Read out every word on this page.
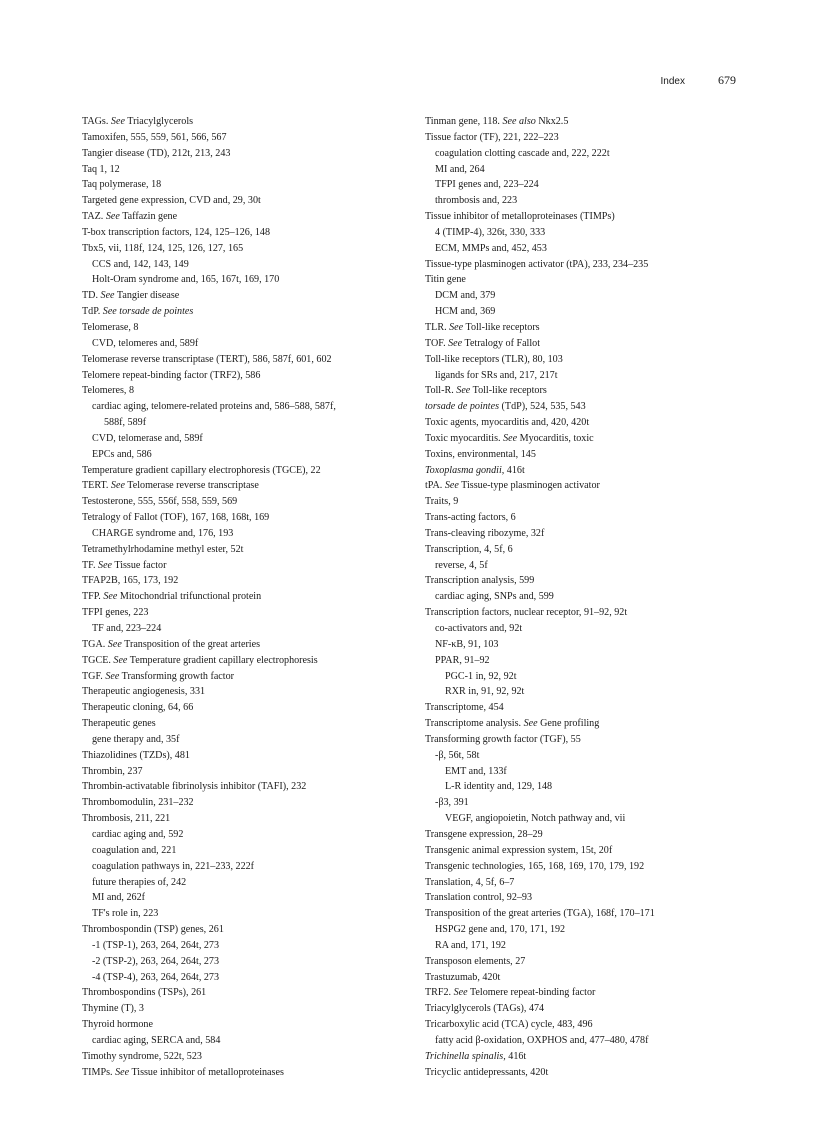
Index	679
TAGs. See Triacylglycerols
Tamoxifen, 555, 559, 561, 566, 567
Tangier disease (TD), 212t, 213, 243
Taq 1, 12
Taq polymerase, 18
Targeted gene expression, CVD and, 29, 30t
TAZ. See Taffazin gene
T-box transcription factors, 124, 125–126, 148
Tbx5, vii, 118f, 124, 125, 126, 127, 165
CCS and, 142, 143, 149
Holt-Oram syndrome and, 165, 167t, 169, 170
TD. See Tangier disease
TdP. See torsade de pointes
Telomerase, 8
CVD, telomeres and, 589f
Telomerase reverse transcriptase (TERT), 586, 587f, 601, 602
Telomere repeat-binding factor (TRF2), 586
Telomeres, 8
cardiac aging, telomere-related proteins and, 586–588, 587f,
588f, 589f
CVD, telomerase and, 589f
EPCs and, 586
Temperature gradient capillary electrophoresis (TGCE), 22
TERT. See Telomerase reverse transcriptase
Testosterone, 555, 556f, 558, 559, 569
Tetralogy of Fallot (TOF), 167, 168, 168t, 169
CHARGE syndrome and, 176, 193
Tetramethylrhodamine methyl ester, 52t
TF. See Tissue factor
TFAP2B, 165, 173, 192
TFP. See Mitochondrial trifunctional protein
TFPI genes, 223
TF and, 223–224
TGA. See Transposition of the great arteries
TGCE. See Temperature gradient capillary electrophoresis
TGF. See Transforming growth factor
Therapeutic angiogenesis, 331
Therapeutic cloning, 64, 66
Therapeutic genes
gene therapy and, 35f
Thiazolidines (TZDs), 481
Thrombin, 237
Thrombin-activatable fibrinolysis inhibitor (TAFI), 232
Thrombomodulin, 231–232
Thrombosis, 211, 221
cardiac aging and, 592
coagulation and, 221
coagulation pathways in, 221–233, 222f
future therapies of, 242
MI and, 262f
TF's role in, 223
Thrombospondin (TSP) genes, 261
-1 (TSP-1), 263, 264, 264t, 273
-2 (TSP-2), 263, 264, 264t, 273
-4 (TSP-4), 263, 264, 264t, 273
Thrombospondins (TSPs), 261
Thymine (T), 3
Thyroid hormone
cardiac aging, SERCA and, 584
Timothy syndrome, 522t, 523
TIMPs. See Tissue inhibitor of metalloproteinases
Tinman gene, 118. See also Nkx2.5
Tissue factor (TF), 221, 222–223
coagulation clotting cascade and, 222, 222t
MI and, 264
TFPI genes and, 223–224
thrombosis and, 223
Tissue inhibitor of metalloproteinases (TIMPs)
4 (TIMP-4), 326t, 330, 333
ECM, MMPs and, 452, 453
Tissue-type plasminogen activator (tPA), 233, 234–235
Titin gene
DCM and, 379
HCM and, 369
TLR. See Toll-like receptors
TOF. See Tetralogy of Fallot
Toll-like receptors (TLR), 80, 103
ligands for SRs and, 217, 217t
Toll-R. See Toll-like receptors
torsade de pointes (TdP), 524, 535, 543
Toxic agents, myocarditis and, 420, 420t
Toxic myocarditis. See Myocarditis, toxic
Toxins, environmental, 145
Toxoplasma gondii, 416t
tPA. See Tissue-type plasminogen activator
Traits, 9
Trans-acting factors, 6
Trans-cleaving ribozyme, 32f
Transcription, 4, 5f, 6
reverse, 4, 5f
Transcription analysis, 599
cardiac aging, SNPs and, 599
Transcription factors, nuclear receptor, 91–92, 92t
co-activators and, 92t
NF-κB, 91, 103
PPAR, 91–92
PGC-1 in, 92, 92t
RXR in, 91, 92, 92t
Transcriptome, 454
Transcriptome analysis. See Gene profiling
Transforming growth factor (TGF), 55
-β, 56t, 58t
EMT and, 133f
L-R identity and, 129, 148
-β3, 391
VEGF, angiopoietin, Notch pathway and, vii
Transgene expression, 28–29
Transgenic animal expression system, 15t, 20f
Transgenic technologies, 165, 168, 169, 170, 179, 192
Translation, 4, 5f, 6–7
Translation control, 92–93
Transposition of the great arteries (TGA), 168f, 170–171
HSPG2 gene and, 170, 171, 192
RA and, 171, 192
Transposon elements, 27
Trastuzumab, 420t
TRF2. See Telomere repeat-binding factor
Triacylglycerols (TAGs), 474
Tricarboxylic acid (TCA) cycle, 483, 496
fatty acid β-oxidation, OXPHOS and, 477–480, 478f
Trichinella spinalis, 416t
Tricyclic antidepressants, 420t
